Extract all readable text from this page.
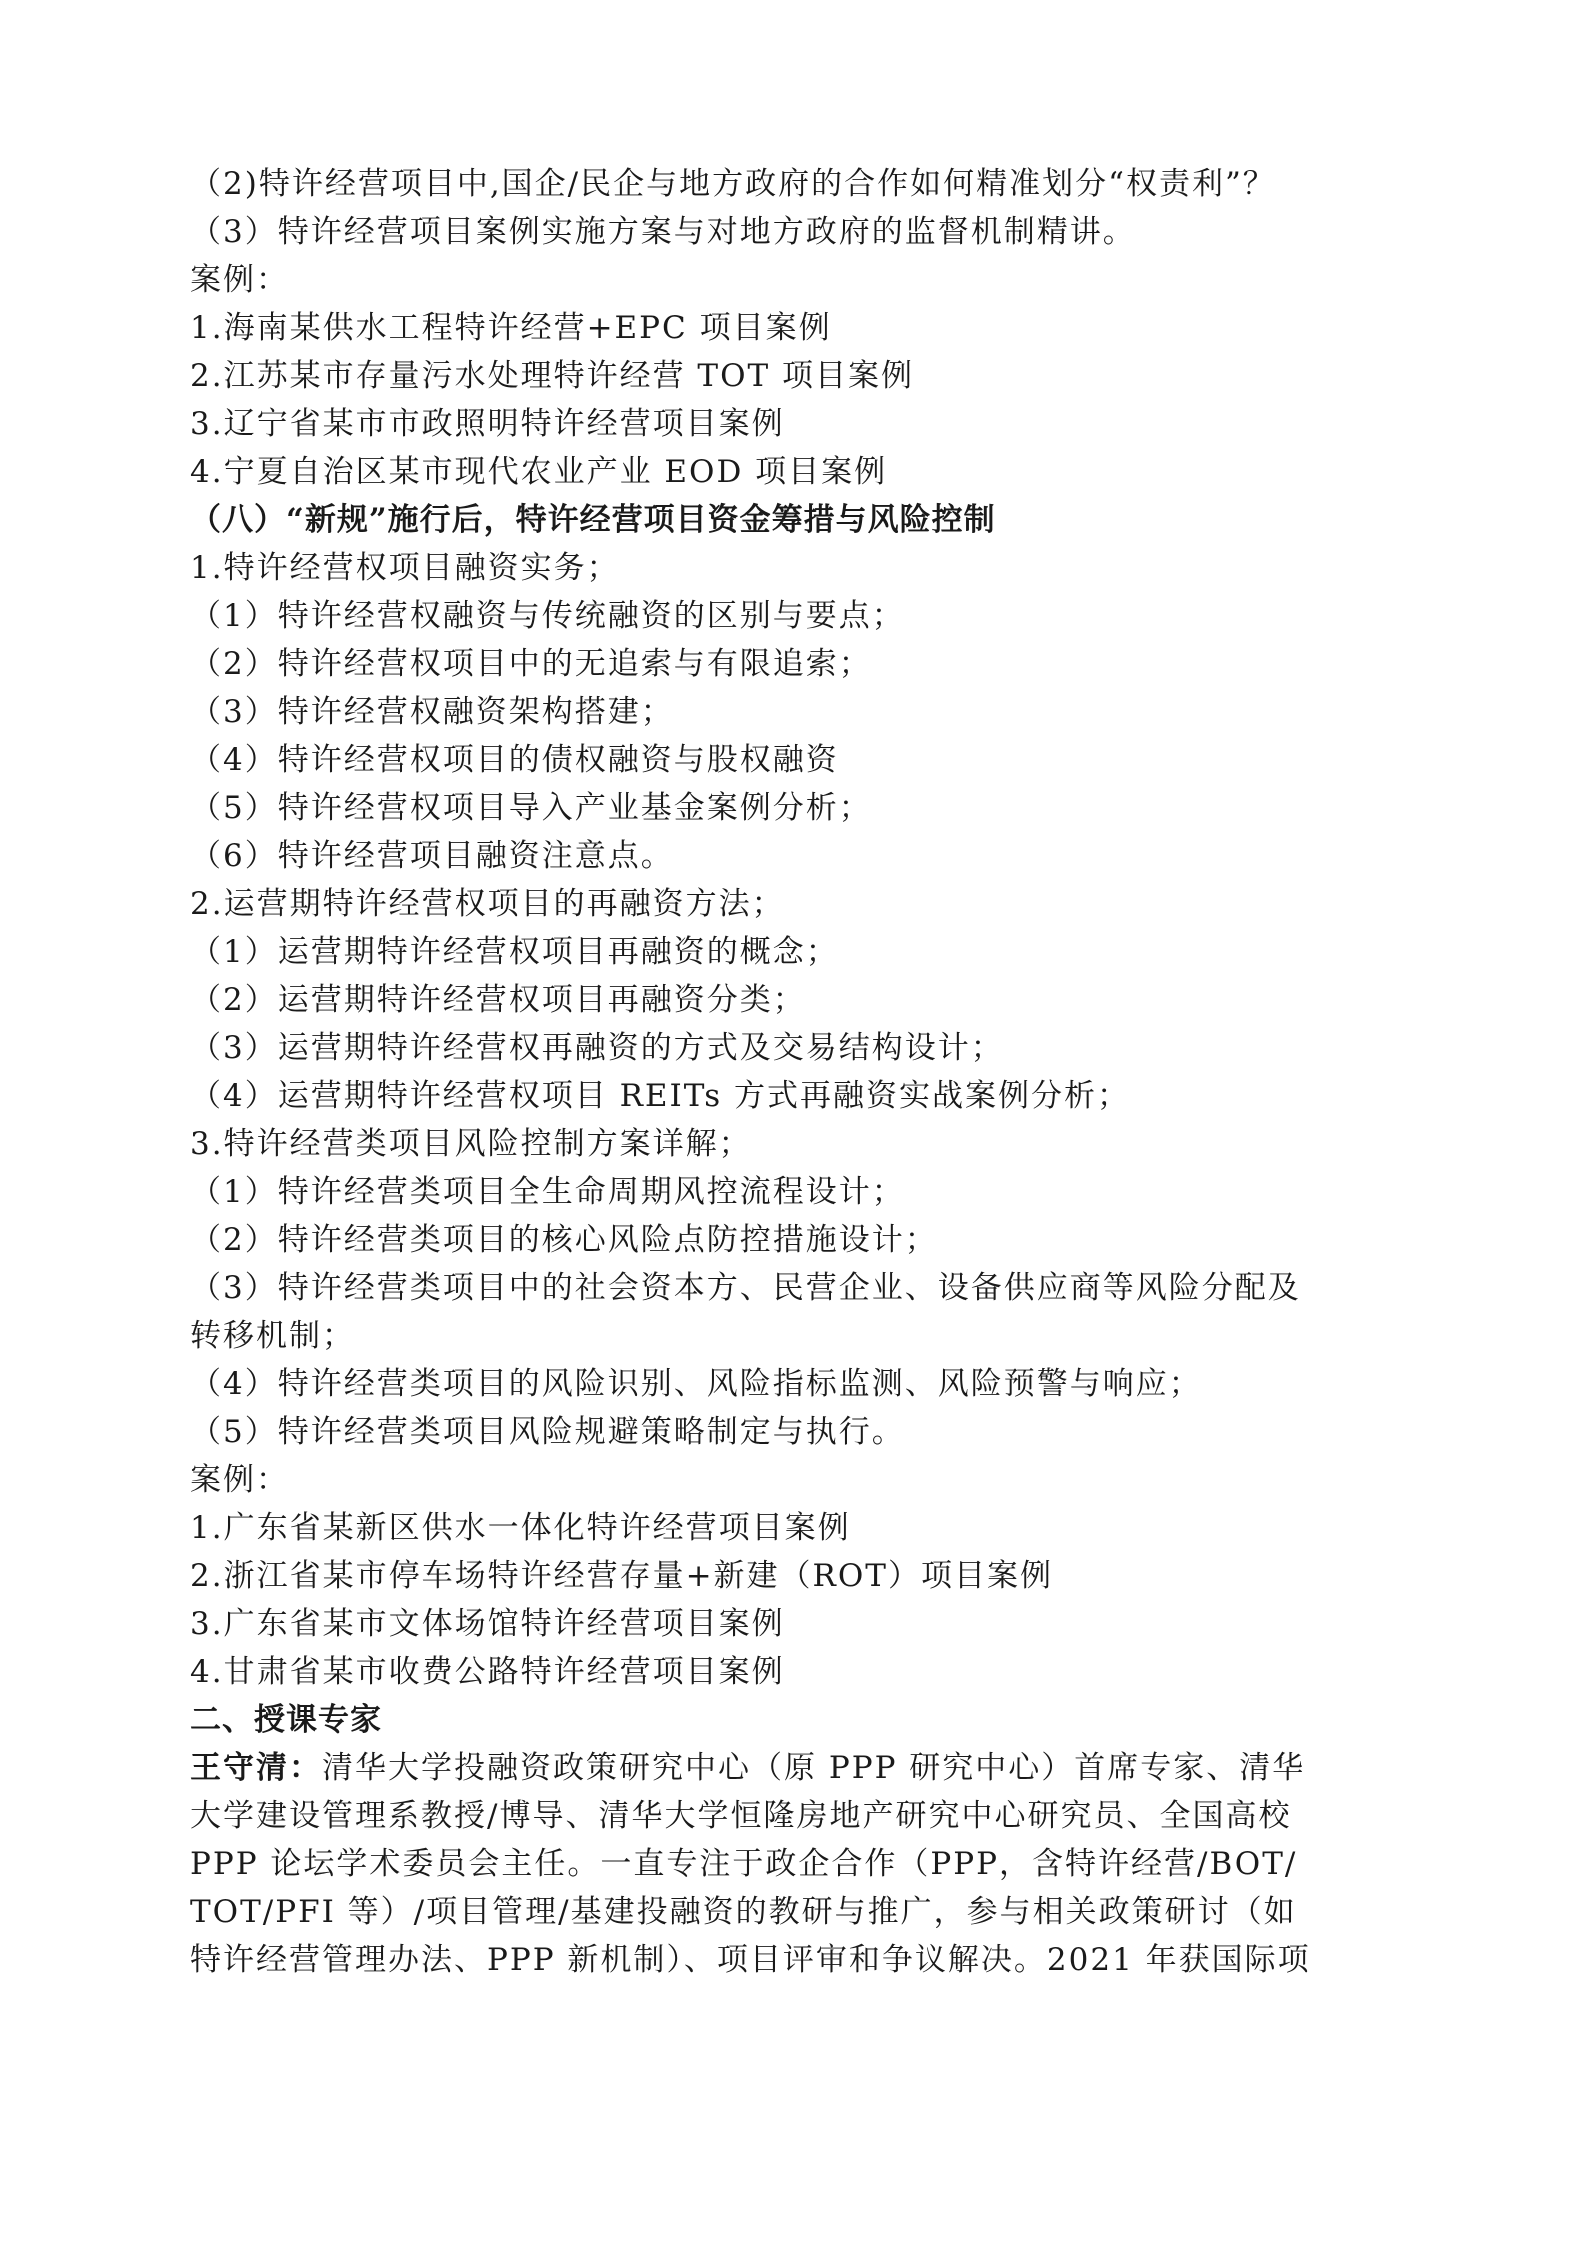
（2)特许经营项目中,国企/民企与地方政府的合作如何精准划分“权责利”？
（3）特许经营项目案例实施方案与对地方政府的监督机制精讲。
案例：
1.海南某供水工程特许经营+EPC 项目案例
2.江苏某市存量污水处理特许经营 TOT 项目案例
3.辽宁省某市市政照明特许经营项目案例
4.宁夏自治区某市现代农业产业 EOD 项目案例
（八）“新规”施行后，特许经营项目资金筹措与风险控制
1.特许经营权项目融资实务；
（1）特许经营权融资与传统融资的区别与要点；
（2）特许经营权项目中的无追索与有限追索；
（3）特许经营权融资架构搭建；
（4）特许经营权项目的债权融资与股权融资
（5）特许经营权项目导入产业基金案例分析；
（6）特许经营项目融资注意点。
2.运营期特许经营权项目的再融资方法；
（1）运营期特许经营权项目再融资的概念；
（2）运营期特许经营权项目再融资分类；
（3）运营期特许经营权再融资的方式及交易结构设计；
（4）运营期特许经营权项目 REITs 方式再融资实战案例分析；
3.特许经营类项目风险控制方案详解；
（1）特许经营类项目全生命周期风控流程设计；
（2）特许经营类项目的核心风险点防控措施设计；
（3）特许经营类项目中的社会资本方、民营企业、设备供应商等风险分配及
转移机制；
（4）特许经营类项目的风险识别、风险指标监测、风险预警与响应；
（5）特许经营类项目风险规避策略制定与执行。
案例：
1.广东省某新区供水一体化特许经营项目案例
2.浙江省某市停车场特许经营存量+新建（ROT）项目案例
3.广东省某市文体场馆特许经营项目案例
4.甘肃省某市收费公路特许经营项目案例
二、授课专家
王守清：清华大学投融资政策研究中心（原 PPP 研究中心）首席专家、清华
大学建设管理系教授/博导、清华大学恒隆房地产研究中心研究员、全国高校
PPP 论坛学术委员会主任。一直专注于政企合作（PPP，含特许经营/BOT/
TOT/PFI 等）/项目管理/基建投融资的教研与推广，参与相关政策研讨（如
特许经营管理办法、PPP 新机制）、项目评审和争议解决。2021 年获国际项
